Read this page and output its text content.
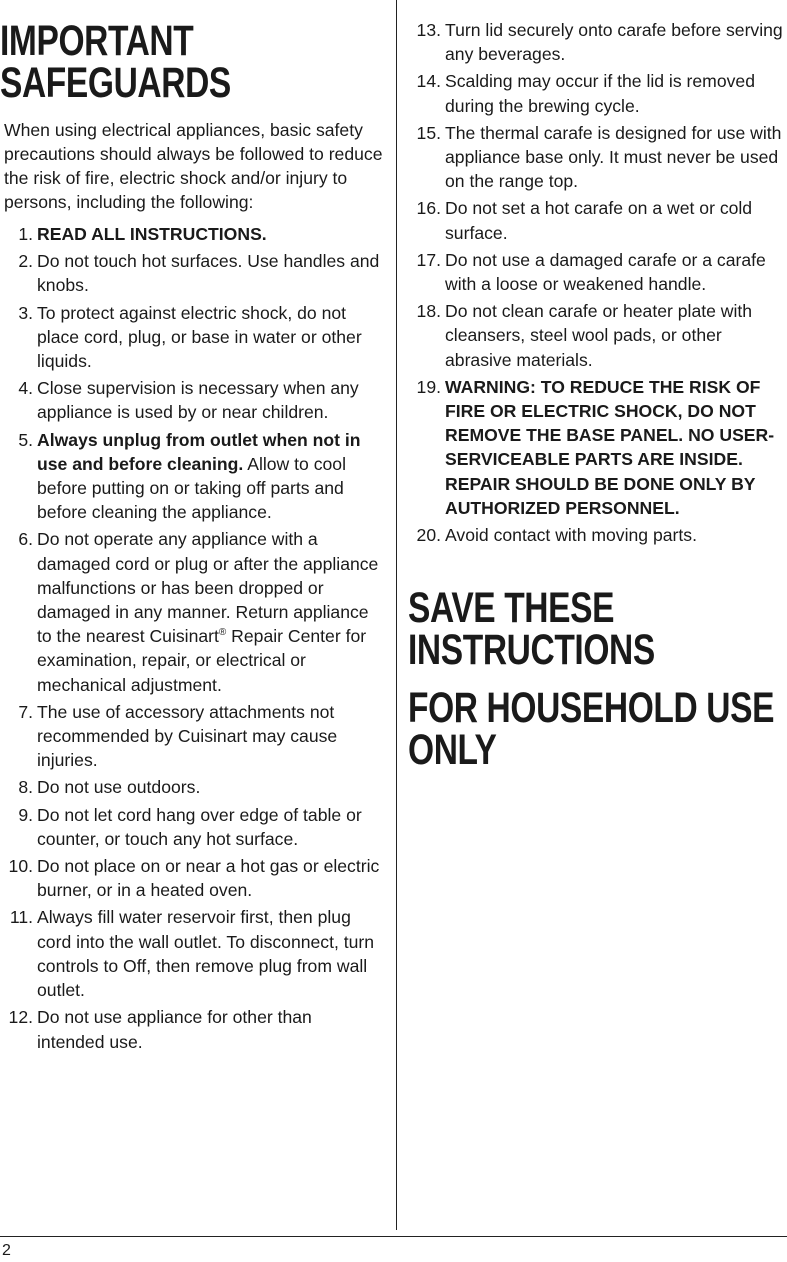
IMPORTANT
SAFEGUARDS

When using electrical appliances, basic safety precautions should always be followed to reduce the risk of fire, electric shock and/or injury to persons, including the following:

1. READ ALL INSTRUCTIONS.
2. Do not touch hot surfaces. Use handles and knobs.
3. To protect against electric shock, do not place cord, plug, or base in water or other liquids.
4. Close supervision is necessary when any appliance is used by or near children.
5. Always unplug from outlet when not in use and before cleaning. Allow to cool before putting on or taking off parts and before cleaning the appliance.
6. Do not operate any appliance with a damaged cord or plug or after the appliance malfunctions or has been dropped or damaged in any manner. Return appliance to the nearest Cuisinart® Repair Center for examination, repair, or electrical or mechanical adjustment.
7. The use of accessory attachments not recommended by Cuisinart may cause injuries.
8. Do not use outdoors.
9. Do not let cord hang over edge of table or counter, or touch any hot surface.
10. Do not place on or near a hot gas or electric burner, or in a heated oven.
11. Always fill water reservoir first, then plug cord into the wall outlet. To disconnect, turn controls to Off, then remove plug from wall outlet.
12. Do not use appliance for other than intended use.
13. Turn lid securely onto carafe before serving any beverages.
14. Scalding may occur if the lid is removed during the brewing cycle.
15. The thermal carafe is designed for use with appliance base only. It must never be used on the range top.
16. Do not set a hot carafe on a wet or cold surface.
17. Do not use a damaged carafe or a carafe with a loose or weakened handle.
18. Do not clean carafe or heater plate with cleansers, steel wool pads, or other abrasive materials.
19. WARNING: TO REDUCE THE RISK OF FIRE OR ELECTRIC SHOCK, DO NOT REMOVE THE BASE PANEL. NO USER-SERVICEABLE PARTS ARE INSIDE. REPAIR SHOULD BE DONE ONLY BY AUTHORIZED PERSONNEL.
20. Avoid contact with moving parts.
SAVE THESE
INSTRUCTIONS
FOR HOUSEHOLD USE
ONLY
2
